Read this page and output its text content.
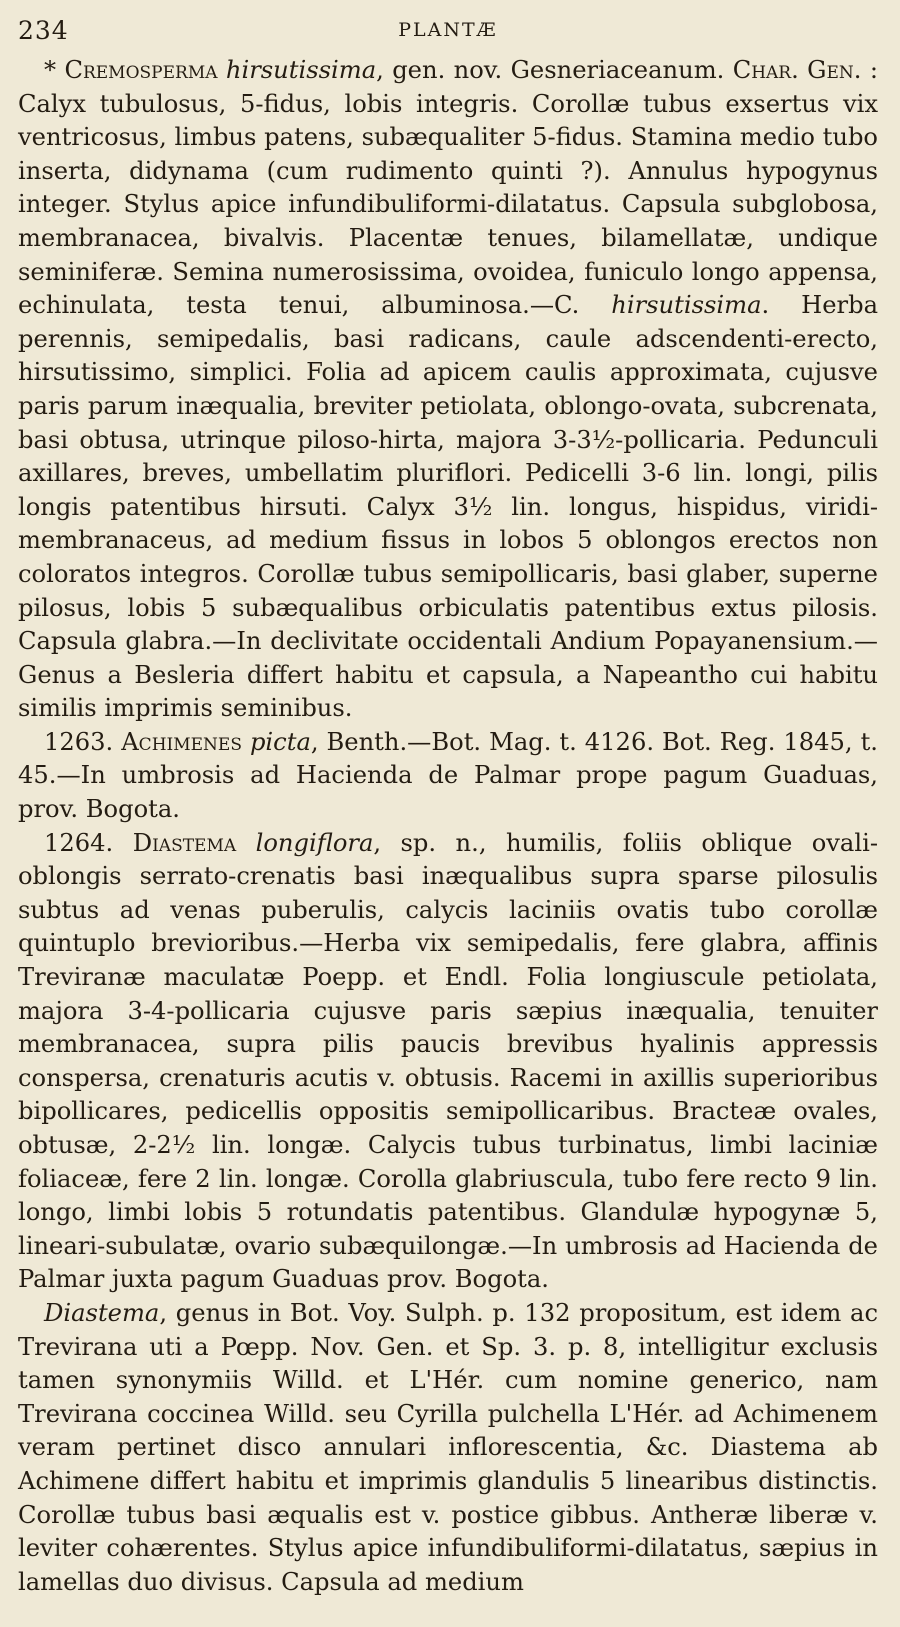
234	PLANTÆ

* Cremosperma hirsutissima, gen. nov. Gesneriaceanum. Char. Gen. : Calyx tubulosus, 5-fidus, lobis integris. Corollæ tubus exsertus vix ventricosus, limbus patens, subæqualiter 5-fidus. Stamina medio tubo inserta, didynama (cum rudimento quinti ?). Annulus hypogynus integer. Stylus apice infundibuliformi-dilatatus. Capsula subglobosa, membranacea, bivalvis. Placentæ tenues, bilamellatæ, undique seminiferæ. Semina numerosissima, ovoidea, funiculo longo appensa, echinulata, testa tenui, albuminosa.—C. hirsutissima. Herba perennis, semipedalis, basi radicans, caule adscendenti-erecto, hirsutissimo, simplici. Folia ad apicem caulis approximata, cujusve paris parum inæqualia, breviter petiolata, oblongo-ovata, subcrenata, basi obtusa, utrinque piloso-hirta, majora 3-3½-pollicaria. Pedunculi axillares, breves, umbellatim pluriflori. Pedicelli 3-6 lin. longi, pilis longis patentibus hirsuti. Calyx 3½ lin. longus, hispidus, viridi-membranaceus, ad medium fissus in lobos 5 oblongos erectos non coloratos integros. Corollæ tubus semipollicaris, basi glaber, superne pilosus, lobis 5 subæqualibus orbiculatis patentibus extus pilosis. Capsula glabra.—In declivitate occidentali Andium Popayanensium.—Genus a Besleria differt habitu et capsula, a Napeantho cui habitu similis imprimis seminibus.

1263. Achimenes picta, Benth.—Bot. Mag. t. 4126. Bot. Reg. 1845, t. 45.—In umbrosis ad Hacienda de Palmar prope pagum Guaduas, prov. Bogota.

1264. Diastema longiflora, sp. n., humilis, foliis oblique ovali-oblongis serrato-crenatis basi inæqualibus supra sparse pilosulis subtus ad venas puberulis, calycis laciniis ovatis tubo corollæ quintuplo brevioribus.—Herba vix semipedalis, fere glabra, affinis Treviranæ maculatæ Poepp. et Endl. Folia longiuscule petiolata, majora 3-4-pollicaria cujusve paris sæpius inæqualia, tenuiter membranacea, supra pilis paucis brevibus hyalinis appressis conspersa, crenaturis acutis v. obtusis. Racemi in axillis superioribus bipollicares, pedicellis oppositis semipollicaribus. Bracteæ ovales, obtusæ, 2-2½ lin. longæ. Calycis tubus turbinatus, limbi laciniæ foliaceæ, fere 2 lin. longæ. Corolla glabriuscula, tubo fere recto 9 lin. longo, limbi lobis 5 rotundatis patentibus. Glandulæ hypogynæ 5, lineari-subulatæ, ovario subæquilongæ.—In umbrosis ad Hacienda de Palmar juxta pagum Guaduas prov. Bogota.

Diastema, genus in Bot. Voy. Sulph. p. 132 propositum, est idem ac Trevirana uti a Pœpp. Nov. Gen. et Sp. 3. p. 8, intelligitur exclusis tamen synonymiis Willd. et L'Hér. cum nomine generico, nam Trevirana coccinea Willd. seu Cyrilla pulchella L'Hér. ad Achimenem veram pertinet disco annulari inflorescentia, &c. Diastema ab Achimene differt habitu et imprimis glandulis 5 linearibus distinctis. Corollæ tubus basi æqualis est v. postice gibbus. Antheræ liberæ v. leviter cohærentes. Stylus apice infundibuliformi-dilatatus, sæpius in lamellas duo divisus. Capsula ad medium
